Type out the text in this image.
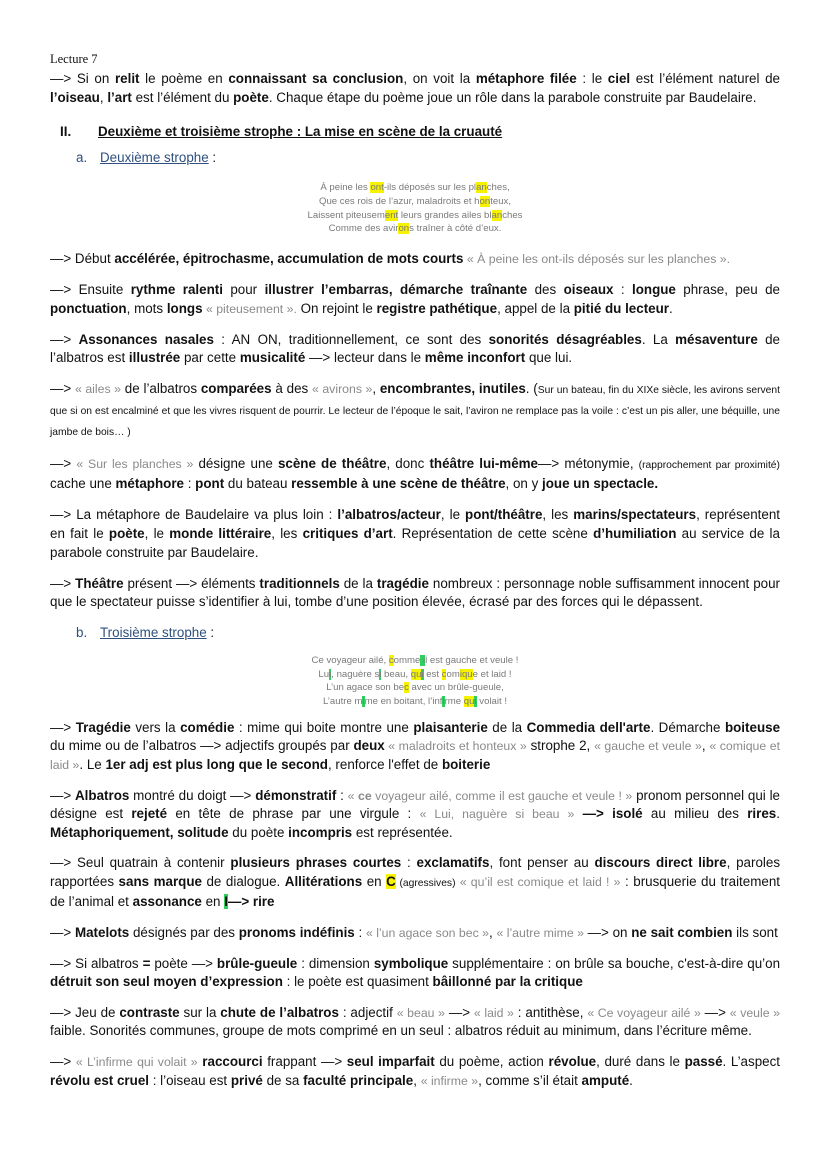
Lecture 7

—> Si on relit le poème en connaissant sa conclusion, on voit la métaphore filée : le ciel est l’élément naturel de l’oiseau, l’art est l’élément du poète. Chaque étape du poème joue un rôle dans la parabole construite par Baudelaire.

II. Deuxième et troisième strophe : La mise en scène de la cruauté
a. Deuxième strophe :
À peine les ont-ils déposés sur les planches,
Que ces rois de l’azur, maladroits et honteux,
Laissent piteusement leurs grandes ailes blanches
Comme des avirons traîner à côté d’eux.

—> Début accélérée, épitrochasme, accumulation de mots courts « À peine les ont-ils déposés sur les planches ».

—> Ensuite rythme ralenti pour illustrer l’embarras, démarche traînante des oiseaux : longue phrase, peu de ponctuation, mots longs « piteusement ». On rejoint le registre pathétique, appel de la pitié du lecteur.

—> Assonances nasales : AN ON, traditionnellement, ce sont des sonorités désagréables. La mésaventure de l’albatros est illustrée par cette musicalité —> lecteur dans le même inconfort que lui.

—> « ailes » de l’albatros comparées à des « avirons », encombrantes, inutiles. (Sur un bateau, fin du XIXe siècle, les avirons servent que si on est encalminé et que les vivres risquent de pourrir. Le lecteur de l’époque le sait, l’aviron ne remplace pas la voile : c’est un pis aller, une béquille, une jambe de bois… )

—> « Sur les planches » désigne une scène de théâtre, donc théâtre lui-même—> métonymie, (rapprochement par proximité) cache une métaphore : pont du bateau ressemble à une scène de théâtre, on y joue un spectacle.

—> La métaphore de Baudelaire va plus loin : l’albatros/acteur, le pont/théâtre, les marins/spectateurs, représentent en fait le poète, le monde littéraire, les critiques d’art. Représentation de cette scène d’humiliation au service de la parabole construite par Baudelaire.

—> Théâtre présent —> éléments traditionnels de la tragédie nombreux : personnage noble suffisamment innocent pour que le spectateur puisse s’identifier à lui, tombe d’une position élevée, écrasé par des forces qui le dépassent.

b. Troisième strophe :
Ce voyageur ailé, comme il est gauche et veule !
Lui, naguère si beau, qui est comique et laid !
L’un agace son bec avec un brûle-gueule,
L’autre mime en boitant, l’infirme qui volait !

—> Tragédie vers la comédie : mime qui boite montre une plaisanterie de la Commedia dell'arte. Démarche boiteuse du mime ou de l’albatros —> adjectifs groupés par deux « maladroits et honteux » strophe 2, « gauche et veule », « comique et laid ». Le 1er adj est plus long que le second, renforce l'effet de boiterie

—> Albatros montré du doigt —> démonstratif : « ce voyageur ailé, comme il est gauche et veule ! » pronom personnel qui le désigne est rejeté en tête de phrase par une virgule : « Lui, naguère si beau » —> isolé au milieu des rires. Métaphoriquement, solitude du poète incompris est représentée.

—> Seul quatrain à contenir plusieurs phrases courtes : exclamatifs, font penser au discours direct libre, paroles rapportées sans marque de dialogue. Allitérations en C (agressives) « qu’il est comique et laid ! » : brusquerie du traitement de l’animal et assonance en I—> rire

—> Matelots désignés par des pronoms indéfinis : « l’un agace son bec », « l’autre mime » —> on ne sait combien ils sont

—> Si albatros = poète —> brûle-gueule : dimension symbolique supplémentaire : on brûle sa bouche, c'est-à-dire qu’on détruit son seul moyen d’expression : le poète est quasiment bâillonné par la critique

—> Jeu de contraste sur la chute de l’albatros : adjectif « beau » —> « laid » : antithèse, « Ce voyageur ailé » —> « veule » faible. Sonorités communes, groupe de mots comprimé en un seul : albatros réduit au minimum, dans l’écriture même.

—> « L’infirme qui volait » raccourci frappant —> seul imparfait du poème, action révolue, duré dans le passé. L’aspect révolu est cruel : l’oiseau est privé de sa faculté principale, « infirme », comme s’il était amputé.
